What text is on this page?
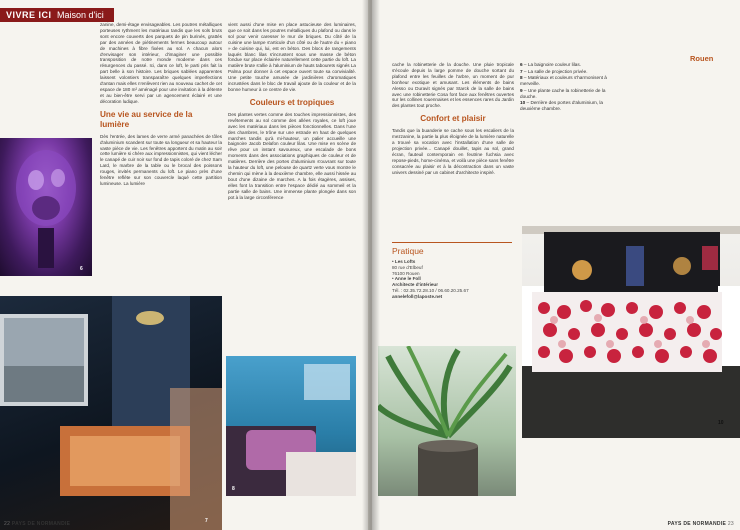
VIVRE ICI Maison d'ici
6

zanine, demi-étage envisageables. Les poutres métalliques porteuses rythment les matériaux tandis que les sols bruts sont encore couverts des parquets de pin burinés, grattés par des années de piétinements fermes beaucoup autour de machines à fibre fixées au sol. A chacun alors d'envisager son intérieur, d'imaginer une possible transposition de notre monde moderne dans ces résurgences du passé. Ici, dans ce loft, le parti pris fait la part belle à son histoire. Les briques sablées apparentes laissent volontiers transparaître quelques imperfections d'antan mais elles n'enlèvent rien au nouveau cachet de cet espace de 180 m² aménagé pour une invitation à la détente et au bien-être servi par un agencement éclairé et une décoration ludique.

Une vie au service de la lumière

Dès l'entrée, des lames de verre armé panachées de tôles d'aluminium scandent sur toute sa longueur et sa hauteur la vaste pièce de vie. Les fenêtres apportent du matin au soir cette lumière si chère aux impressionnistes, qui vient lécher le canapé de cuir noir sur fond de tapis coloré de chez Sam Laïd, le marbre de la table ou le brocal des poissons rouges, invités permanents du loft. Le piano près d'une fenêtre reflète sur son couvercle laqué cette partition lumineuse. La lumière

vient aussi d'une mise en place astucieuse des luminaires, que ce soit dans les poutres métalliques du plafond ou dans le sol pour venir caresser le mur de briques. Du côté de la cuisine une lampe s'articule d'un côté ou de l'autre du « piano » de cuisine qui, lui, est en béton. Des blocs de rangements laqués blanc lilas s'incrustent sous une masse de béton fondue sur place éclairée naturellement cette partie du loft. La matière brute s'allie à l'aluminium de hauts tabourets signés La Palma pour donner à cet espace ouvert toute sa convivialité. Une petite touche amusée de jardinières d'aromatiques incrustées dans le bloc de travail ajoute de la couleur et de la bonne humeur à ce centre de vie.

Couleurs et tropiques

Des plantes vertes comme des touches impressionnistes, des revêtements au sol comme des allées royales, ce loft joue avec les matériaux dans les pièces fonctionnelles. Dans l'une des chambres, le trône sur une estrade en haut de quelques marches tandis qu'à mi-hauteur, un palier accueille une baignoire Jacob Delafon couleur lilas. Une mise en scène de rêve pour un instant savoureux, une escalade de bons moments dans des associations graphiques de couleur et de matières. Derrière des portes d'aluminium s'ouvrant sur toute la hauteur du loft, une pelouse de quartz verte vous montre le chemin qui mène à la deuxième chambre, elle aussi hissée au bout d'une dizaine de marches. A la fois étagères, assises, elles font la transition entre l'espace dédié au sommeil et la partie salle de bains. Une immense plante plongée dans son pot à la large circonférence

7
8
22 PAYS DE NORMANDIE

cache la robinetterie de la douche. Une pluie tropicale s'écoule depuis la large pomme de douche sortant du plafond entre les feuilles de l'arbre, un moment de pur bonheur exotique et amusant. Les éléments de bains Alesso ou Duravit signés par Starck de la salle de bains avec une robinetterie Cosa font face aux fenêtres ouvertes sur les collines rouennaises et les essences rares du Jardin des plantes tout proche.

Confort et plaisir

Tandis que la buanderie se cache sous les escaliers de la mezzanine, la partie la plus éloignée de la lumière naturelle a trouvé sa vocation avec l'installation d'une salle de projection privée... Canapé douillet, tapis au sol, grand écran, fauteuil contemporain en feutrine fuchsia avec repose-pieds, home-cinéma, et voilà une pièce sans fenêtre consacrée au plaisir et à la décontraction dans un vaste univers dessiné par un cabinet d'architecte inspiré.

6 – La baignoire couleur lilas.
7 – La salle de projection privée.
8 – Matériaux et couleurs s'harmonisent à merveille.
9 – Une plante cache la robinetterie de la douche.
10 – Derrière des portes d'aluminium, la deuxième chambre.
Rouen
Pratique
• Les Lofts
80 rue d'Elbeuf
76100 Rouen
• Anne le Foll
Architecte d'intérieur
Tél. : 02.35.72.28.10 / 06.60.20.25.67
annelefoll@laposte.net
10
PAYS DE NORMANDIE 23
